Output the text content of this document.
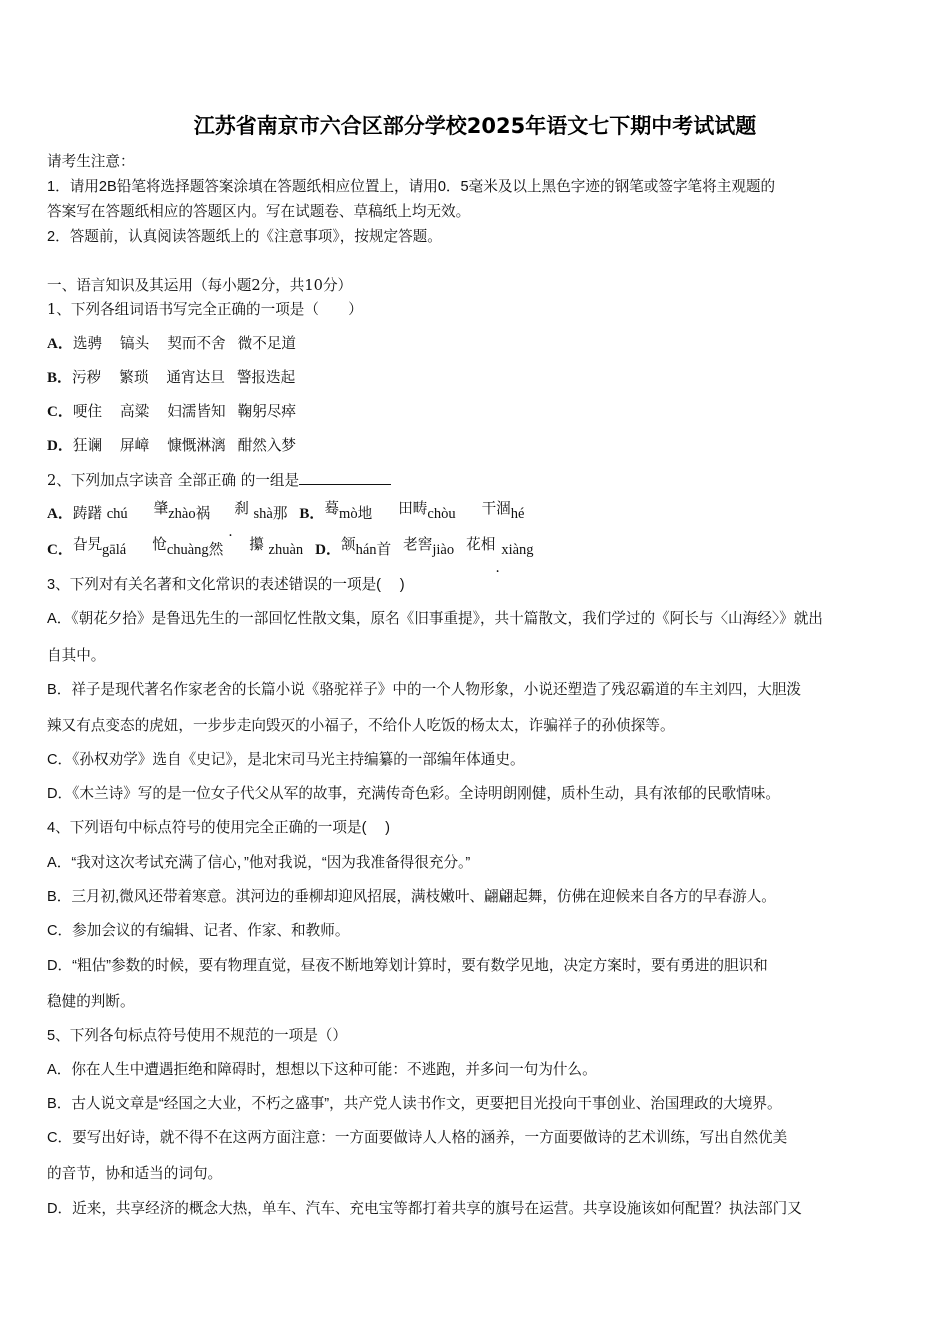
江苏省南京市六合区部分学校2025年语文七下期中考试试题
请考生注意：
1．请用2B铅笔将选择题答案涂填在答题纸相应位置上，请用0．5毫米及以上黑色字迹的钢笔或签字笔将主观题的
答案写在答题纸相应的答题区内。写在试题卷、草稿纸上均无效。
2．答题前，认真阅读答题纸上的《注意事项》，按规定答题。
一、语言知识及其运用（每小题2分，共10分）
1、下列各组词语书写完全正确的一项是（　　）
A．选骋 镐头 契而不舍 微不足道
B．污秽 繁琐 通宵达旦 警报迭起
C．哽住 高粱 妇濡皆知 鞠躬尽瘁
D．狂谰 屏嶂 慷慨淋漓 酣然入梦
2、下列加点字读音 全部正确 的一组是
A．踌躇 chú 肇zhào祸 刹 shà那 B．蓦mò地 田畴chòu 干涸hé
C．旮旯gālá 怆chuàng然 攥 zhuàn D．颔hán首 老窖jiào 花相 xiàng
3、下列对有关名著和文化常识的表述错误的一项是(　 )
A．《朝花夕拾》是鲁迅先生的一部回忆性散文集，原名《旧事重提》，共十篇散文，我们学过的《阿长与〈山海经〉》就出
自其中。
B．祥子是现代著名作家老舍的长篇小说《骆驼祥子》中的一个人物形象，小说还塑造了残忍霸道的车主刘四，大胆泼
辣又有点变态的虎妞，一步步走向毁灭的小福子，不给仆人吃饭的杨太太，诈骗祥子的孙侦探等。
C．《孙权劝学》选自《史记》，是北宋司马光主持编纂的一部编年体通史。
D．《木兰诗》写的是一位女子代父从军的故事，充满传奇色彩。全诗明朗刚健，质朴生动，具有浓郁的民歌情味。
4、下列语句中标点符号的使用完全正确的一项是(　 )
A．“我对这次考试充满了信心，”他对我说，“因为我准备得很充分。”
B．三月初,微风还带着寒意。淇河边的垂柳却迎风招展，满枝嫩叶、翩翩起舞，仿佛在迎候来自各方的早春游人。
C．参加会议的有编辑、记者、作家、和教师。
D．“粗估”参数的时候，要有物理直觉，昼夜不断地筹划计算时，要有数学见地，决定方案时，要有勇进的胆识和
稳健的判断。
5、下列各句标点符号使用不规范的一项是（）
A．你在人生中遭遇拒绝和障碍时，想想以下这种可能：不逃跑，并多问一句为什么。
B．古人说文章是“经国之大业，不朽之盛事”，共产党人读书作文，更要把目光投向干事创业、治国理政的大境界。
C．要写出好诗，就不得不在这两方面注意：一方面要做诗人人格的涵养，一方面要做诗的艺术训练，写出自然优美
的音节，协和适当的词句。
D．近来，共享经济的概念大热，单车、汽车、充电宝等都打着共享的旗号在运营。共享设施该如何配置？执法部门又
